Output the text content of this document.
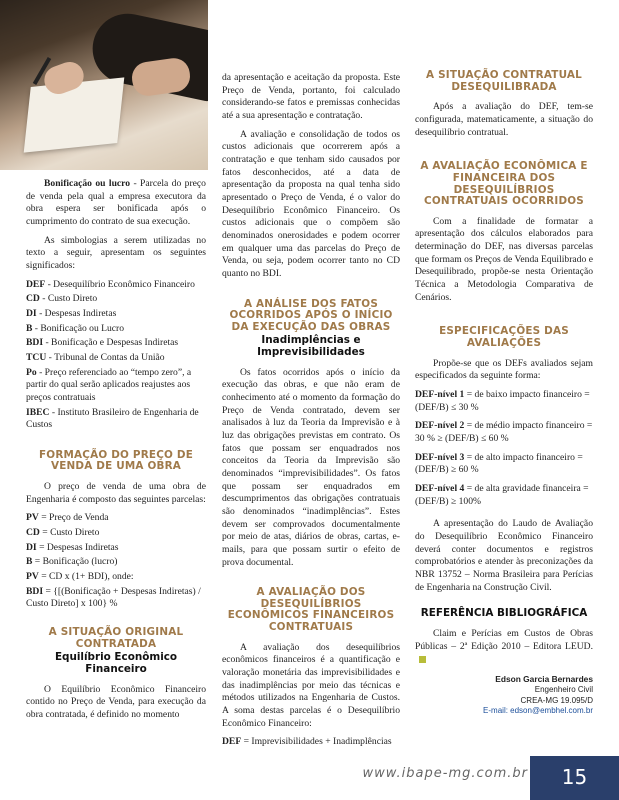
Bonificação ou lucro - Parcela do preço de venda pela qual a empresa executora da obra espera ser bonificada após o cumprimento do contrato de sua execução.

As simbologias a serem utilizadas no texto a seguir, apresentam os seguintes significados:

DEF - Desequilíbrio Econômico Financeiro

CD - Custo Direto

DI - Despesas Indiretas

B - Bonificação ou Lucro

BDI - Bonificação e Despesas Indiretas

TCU - Tribunal de Contas da União

Po - Preço referenciado ao “tempo zero”, a partir do qual serão aplicados reajustes aos preços contratuais

IBEC - Instituto Brasileiro de Engenharia de Custos

FORMAÇÃO DO PREÇO DE VENDA DE UMA OBRA

O preço de venda de uma obra de Engenharia é composto das seguintes parcelas:

PV = Preço de Venda

CD = Custo Direto

DI = Despesas Indiretas

B = Bonificação (lucro)

PV = CD x (1+ BDI), onde:

BDI = {[(Bonificação + Despesas Indiretas) / Custo Direto] x 100} %

A SITUAÇÃO ORIGINAL CONTRATADA
Equilíbrio Econômico Financeiro

O Equilíbrio Econômico Financeiro contido no Preço de Venda, para execução da obra contratada, é definido no momento

da apresentação e aceitação da proposta. Este Preço de Venda, portanto, foi calculado considerando-se fatos e premissas conhecidas até a sua apresentação e contratação.

A avaliação e consolidação de todos os custos adicionais que ocorrerem após a contratação e que tenham sido causados por fatos desconhecidos, até a data de apresentação da proposta na qual tenha sido apresentado o Preço de Venda, é o valor do Desequilíbrio Econômico Financeiro. Os custos adicionais que o compõem são denominados onerosidades e podem ocorrer em qualquer uma das parcelas do Preço de Venda, ou seja, podem ocorrer tanto no CD quanto no BDI.

A ANÁLISE DOS FATOS OCORRIDOS APÓS O INÍCIO DA EXECUÇÃO DAS OBRAS
Inadimplências e Imprevisibilidades

Os fatos ocorridos após o início da execução das obras, e que não eram de conhecimento até o momento da formação do Preço de Venda contratado, devem ser analisados à luz da Teoria da Imprevisão e à luz das obrigações previstas em contrato. Os fatos que possam ser enquadrados nos conceitos da Teoria da Imprevisão são denominados “imprevisibilidades”. Os fatos que possam ser enquadrados em descumprimentos das obrigações contratuais são denominados “inadimplências”. Estes devem ser comprovados documentalmente por meio de atas, diários de obras, cartas, e-mails, para que possam surtir o efeito de prova documental.

A AVALIAÇÃO DOS DESEQUILÍBRIOS ECONÔMICOS FINANCEIROS CONTRATUAIS

A avaliação dos desequilíbrios econômicos financeiros é a quantificação e valoração monetária das imprevisibilidades e das inadimplências por meio das técnicas e métodos utilizados na Engenharia de Custos. A soma destas parcelas é o Desequilíbrio Econômico Financeiro:

DEF = Imprevisibilidades + Inadimplências

A SITUAÇÃO CONTRATUAL DESEQUILIBRADA

Após a avaliação do DEF, tem-se configurada, matematicamente, a situação do desequilíbrio contratual.

A AVALIAÇÃO ECONÔMICA E FINANCEIRA DOS DESEQUILÍBRIOS CONTRATUAIS OCORRIDOS

Com a finalidade de formatar a apresentação dos cálculos elaborados para determinação do DEF, nas diversas parcelas que formam os Preços de Venda Equilibrado e Desequilibrado, propõe-se nesta Orientação Técnica a Metodologia Comparativa de Cenários.

ESPECIFICAÇÕES DAS AVALIAÇÕES

Propõe-se que os DEFs avaliados sejam especificados da seguinte forma:

DEF-nível 1 = de baixo impacto financeiro = (DEF/B) ≤ 30 %

DEF-nível 2 = de médio impacto financeiro = 30 % ≥ (DEF/B) ≤ 60 %

DEF-nível 3 = de alto impacto financeiro = (DEF/B) ≥ 60 %

DEF-nível 4 = de alta gravidade financeira = (DEF/B) ≥ 100%

A apresentação do Laudo de Avaliação do Desequilíbrio Econômico Financeiro deverá conter documentos e registros comprobatórios e atender às preconizações da NBR 13752 – Norma Brasileira para Perícias de Engenharia na Construção Civil.

REFERÊNCIA BIBLIOGRÁFICA

Claim e Perícias em Custos de Obras Públicas – 2ª Edição 2010 – Editora LEUD.

Edson Garcia Bernardes
Engenheiro Civil
CREA-MG 19.095/D
E-mail: edson@embhel.com.br
www.ibape-mg.com.br	15
